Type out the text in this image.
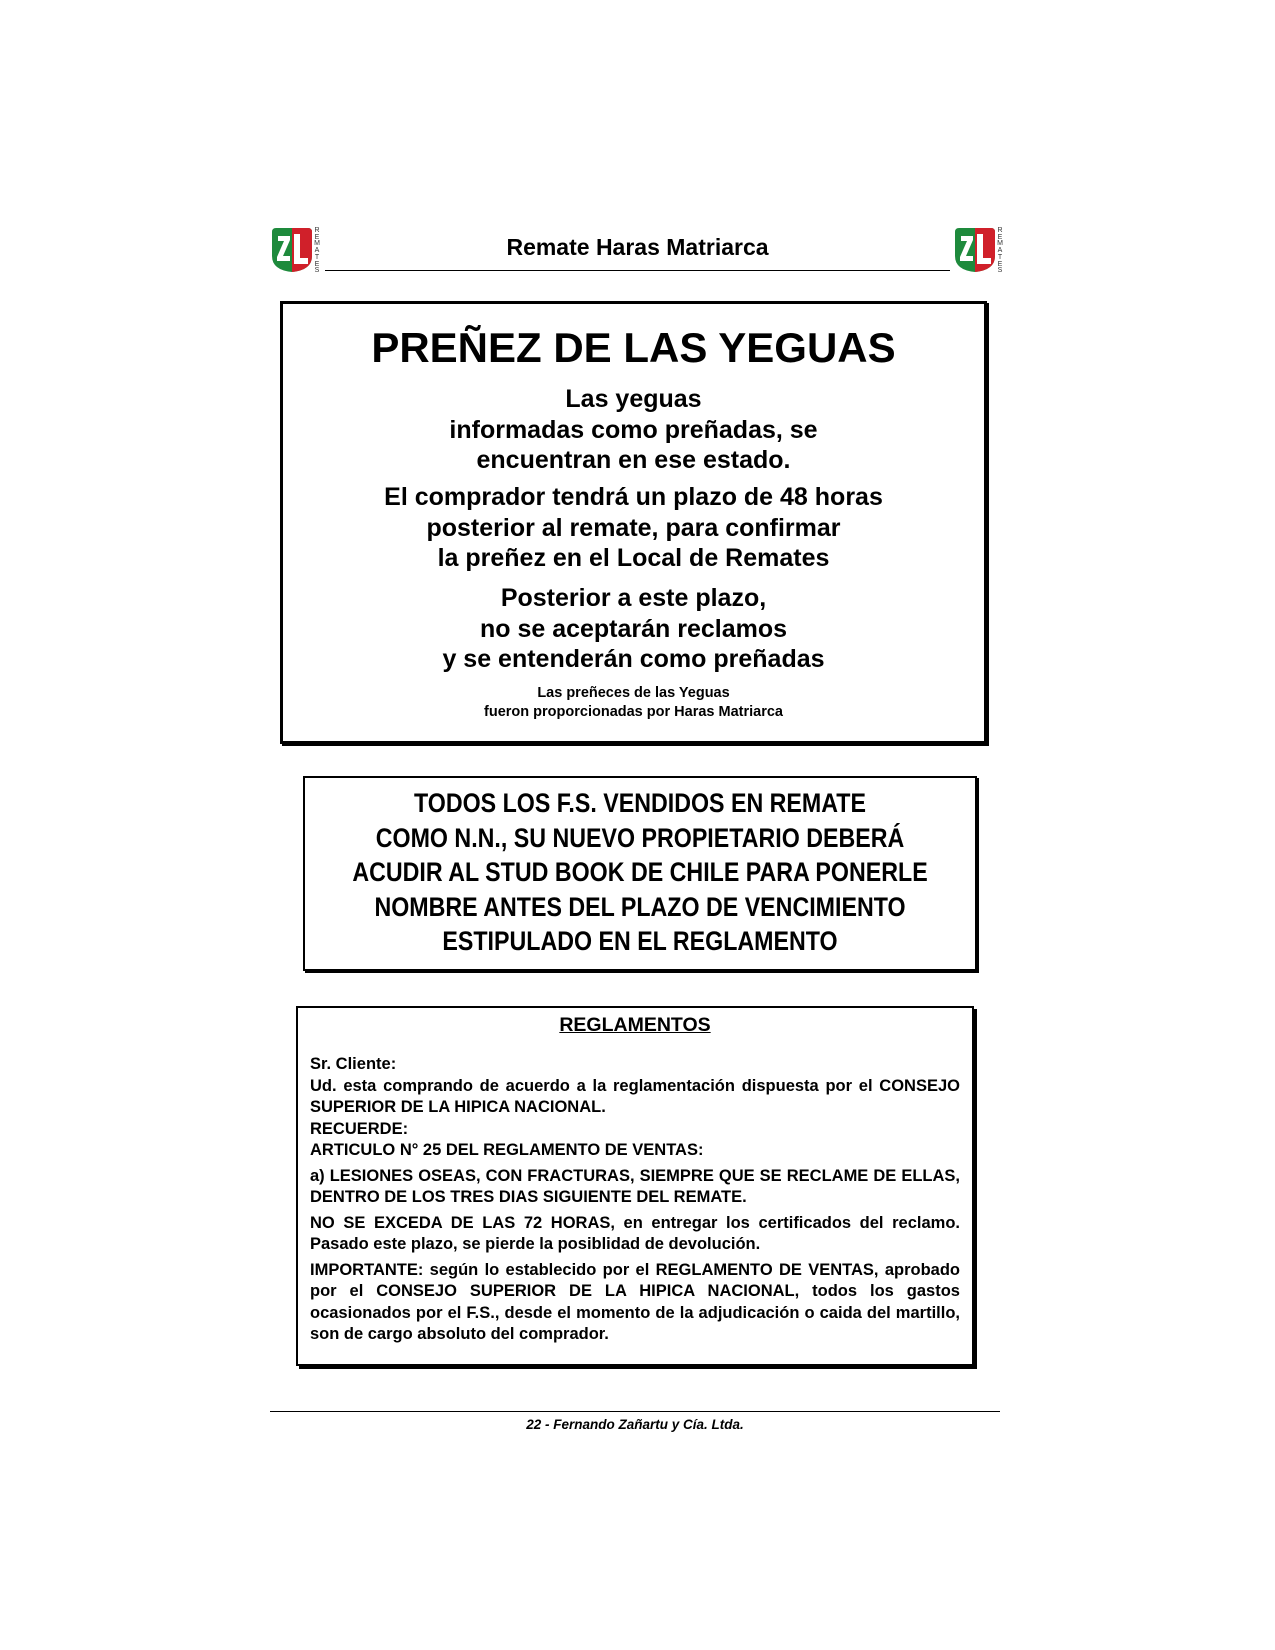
R
E
M
A
T
E
S
Remate Haras Matriarca
R
E
M
A
T
E
S
PREÑEZ DE LAS YEGUAS
Las yeguas
informadas como preñadas, se
encuentran en ese estado.
El comprador tendrá un plazo de 48 horas
posterior al remate, para confirmar
la preñez en el Local de Remates
Posterior a este plazo,
no se aceptarán reclamos
y se entenderán como preñadas
Las preñeces de las Yeguas
fueron proporcionadas por Haras Matriarca
TODOS LOS F.S. VENDIDOS EN REMATE
COMO N.N., SU NUEVO PROPIETARIO DEBERÁ
ACUDIR AL STUD BOOK DE CHILE PARA PONERLE
NOMBRE ANTES DEL PLAZO DE VENCIMIENTO
ESTIPULADO EN EL REGLAMENTO
REGLAMENTOS

Sr. Cliente:

Ud. esta comprando de acuerdo a la reglamentación dispuesta por el CONSEJO SUPERIOR DE LA HIPICA NACIONAL.

RECUERDE:

ARTICULO N° 25 DEL REGLAMENTO DE VENTAS:

a) LESIONES OSEAS, CON FRACTURAS, SIEMPRE QUE SE RECLAME DE ELLAS, DENTRO DE LOS TRES DIAS SIGUIENTE DEL REMATE.

NO SE EXCEDA DE LAS 72 HORAS, en entregar los certificados del reclamo. Pasado este plazo, se pierde la posiblidad de devolución.

IMPORTANTE: según lo establecido por el REGLAMENTO DE VENTAS, aprobado por el CONSEJO SUPERIOR DE LA HIPICA NACIONAL, todos los gastos ocasionados por el F.S., desde el momento de la adjudicación o caida del martillo, son de cargo absoluto del comprador.

22 - Fernando Zañartu y Cía. Ltda.
